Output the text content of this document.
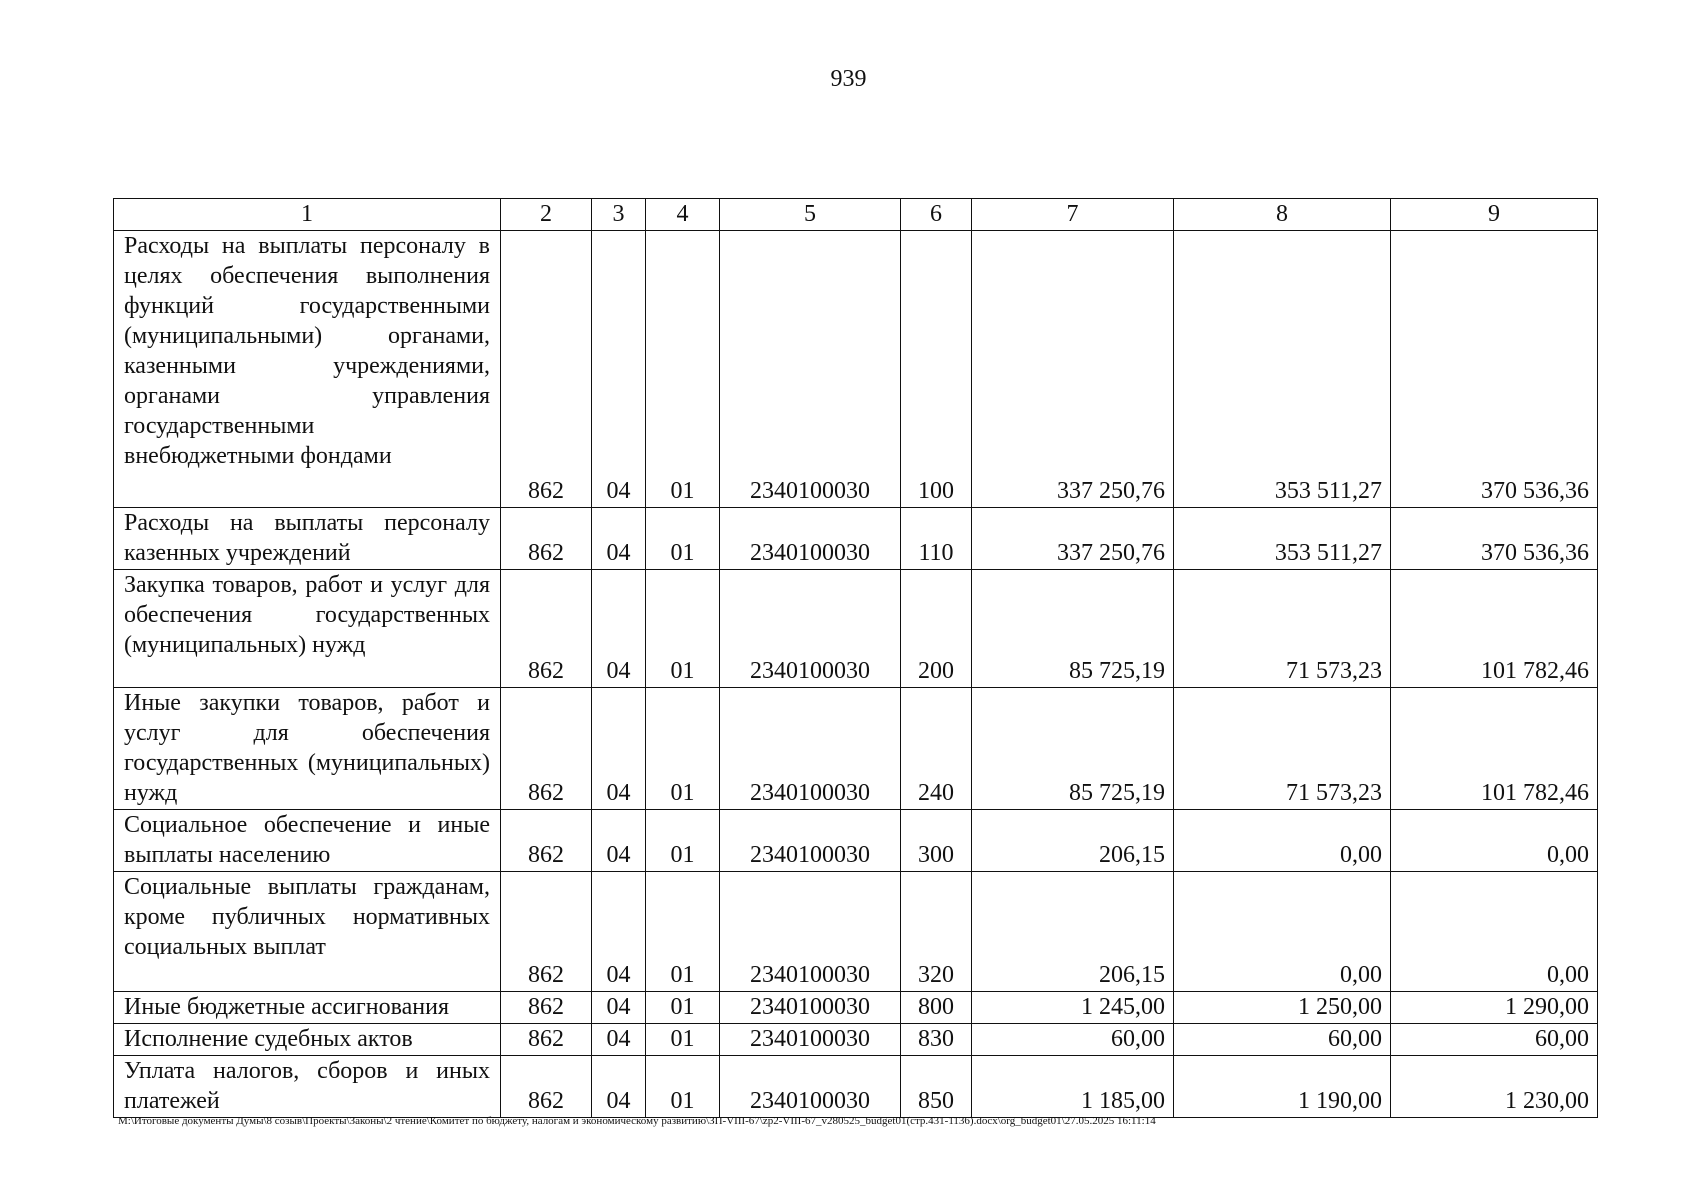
939
1	2	3	4	5	6	7	8	9
Расходы на выплаты персоналу в целях обеспечения выполнения функций государственными (муниципальными) органами, казенными учреждениями, органами управления государственными внебюджетными фондами	862	04	01	2340100030	100	337 250,76	353 511,27	370 536,36
Расходы на выплаты персоналу казенных учреждений	862	04	01	2340100030	110	337 250,76	353 511,27	370 536,36
Закупка товаров, работ и услуг для обеспечения государственных (муниципальных) нужд	862	04	01	2340100030	200	85 725,19	71 573,23	101 782,46
Иные закупки товаров, работ и услуг для обеспечения государственных (муниципальных) нужд	862	04	01	2340100030	240	85 725,19	71 573,23	101 782,46
Социальное обеспечение и иные выплаты населению	862	04	01	2340100030	300	206,15	0,00	0,00
Социальные выплаты гражданам, кроме публичных нормативных социальных выплат	862	04	01	2340100030	320	206,15	0,00	0,00
Иные бюджетные ассигнования	862	04	01	2340100030	800	1 245,00	1 250,00	1 290,00
Исполнение судебных актов	862	04	01	2340100030	830	60,00	60,00	60,00
Уплата налогов, сборов и иных платежей	862	04	01	2340100030	850	1 185,00	1 190,00	1 230,00
M:\Итоговые документы Думы\8 созыв\Проекты\Законы\2 чтение\Комитет по бюджету, налогам и экономическому развитию\ЗП-VIII-67\zp2-VIII-67_v280525_budget01(стр.431-1136).docx\org_budget01\27.05.2025 16:11:14
